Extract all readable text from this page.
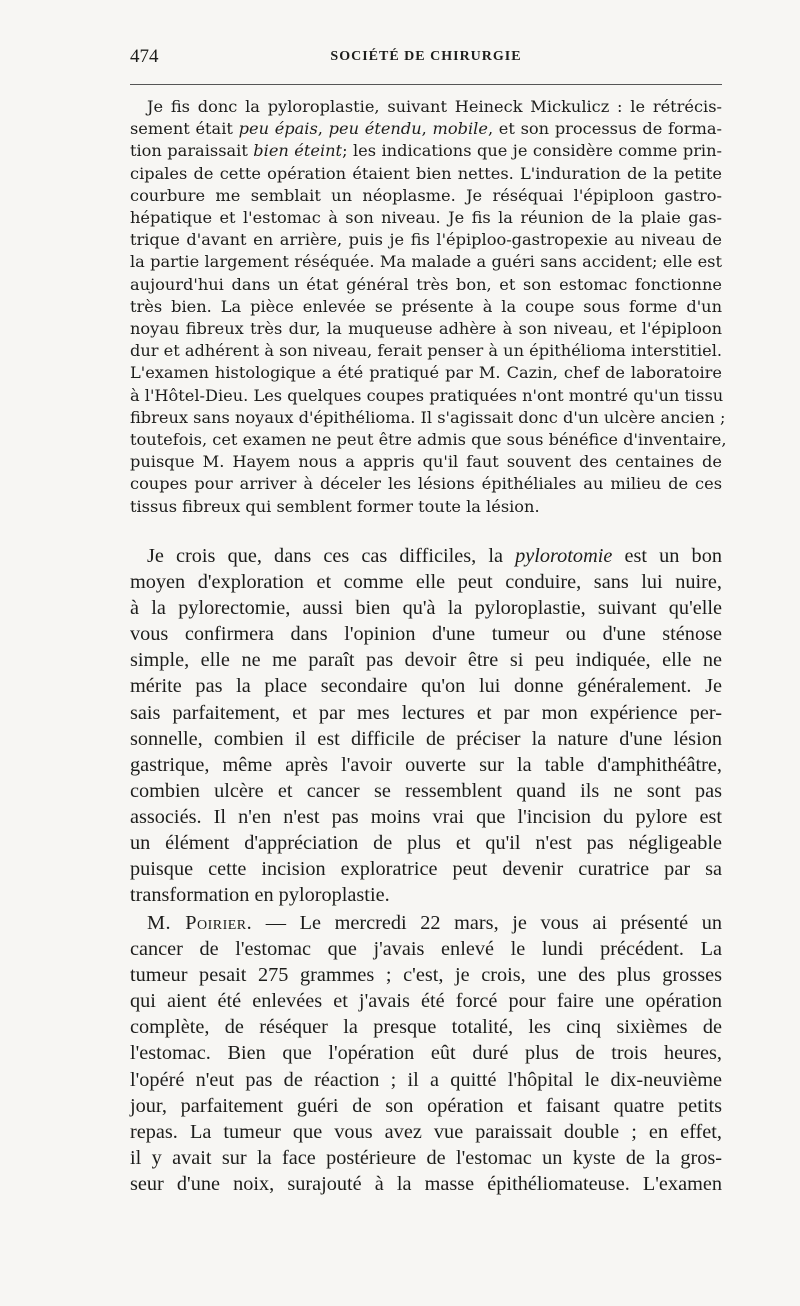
474	SOCIÉTÉ DE CHIRURGIE
Je fis donc la pyloroplastie, suivant Heineck Mickulicz : le rétrécis-
sement était peu épais, peu étendu, mobile, et son processus de forma-
tion paraissait bien éteint; les indications que je considère comme prin-
cipales de cette opération étaient bien nettes. L'induration de la petite
courbure me semblait un néoplasme. Je réséquai l'épiploon gastro-
hépatique et l'estomac à son niveau. Je fis la réunion de la plaie gas-
trique d'avant en arrière, puis je fis l'épiploo-gastropexie au niveau de
la partie largement réséquée. Ma malade a guéri sans accident; elle est
aujourd'hui dans un état général très bon, et son estomac fonctionne
très bien. La pièce enlevée se présente à la coupe sous forme d'un
noyau fibreux très dur, la muqueuse adhère à son niveau, et l'épiploon
dur et adhérent à son niveau, ferait penser à un épithélioma interstitiel.
L'examen histologique a été pratiqué par M. Cazin, chef de laboratoire
à l'Hôtel-Dieu. Les quelques coupes pratiquées n'ont montré qu'un tissu
fibreux sans noyaux d'épithélioma. Il s'agissait donc d'un ulcère ancien ;
toutefois, cet examen ne peut être admis que sous bénéfice d'inventaire,
puisque M. Hayem nous a appris qu'il faut souvent des centaines de
coupes pour arriver à déceler les lésions épithéliales au milieu de ces
tissus fibreux qui semblent former toute la lésion.
Je crois que, dans ces cas difficiles, la pylorotomie est un bon
moyen d'exploration et comme elle peut conduire, sans lui nuire,
à la pylorectomie, aussi bien qu'à la pyloroplastie, suivant qu'elle
vous confirmera dans l'opinion d'une tumeur ou d'une sténose
simple, elle ne me paraît pas devoir être si peu indiquée, elle ne
mérite pas la place secondaire qu'on lui donne généralement. Je
sais parfaitement, et par mes lectures et par mon expérience per-
sonnelle, combien il est difficile de préciser la nature d'une lésion
gastrique, même après l'avoir ouverte sur la table d'amphithéâtre,
combien ulcère et cancer se ressemblent quand ils ne sont pas
associés. Il n'en n'est pas moins vrai que l'incision du pylore est
un élément d'appréciation de plus et qu'il n'est pas négligeable
puisque cette incision exploratrice peut devenir curatrice par sa
transformation en pyloroplastie.
M. Poirier. — Le mercredi 22 mars, je vous ai présenté un
cancer de l'estomac que j'avais enlevé le lundi précédent. La
tumeur pesait 275 grammes ; c'est, je crois, une des plus grosses
qui aient été enlevées et j'avais été forcé pour faire une opération
complète, de réséquer la presque totalité, les cinq sixièmes de
l'estomac. Bien que l'opération eût duré plus de trois heures,
l'opéré n'eut pas de réaction ; il a quitté l'hôpital le dix-neuvième
jour, parfaitement guéri de son opération et faisant quatre petits
repas. La tumeur que vous avez vue paraissait double ; en effet,
il y avait sur la face postérieure de l'estomac un kyste de la gros-
seur d'une noix, surajouté à la masse épithéliomateuse. L'examen
